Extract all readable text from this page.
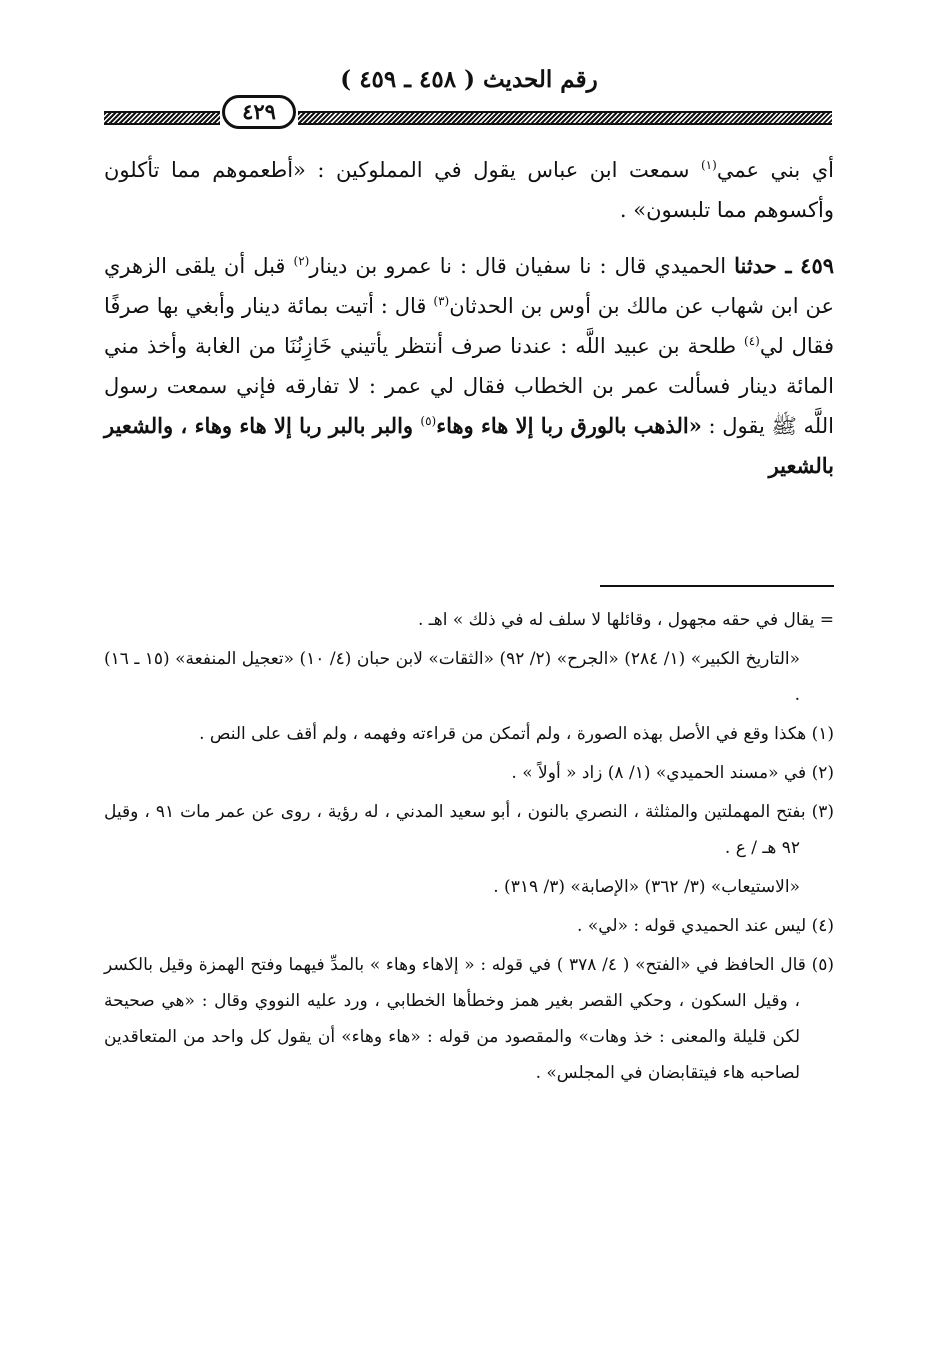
رقم الحديث ( ٤٥٨ ـ ٤٥٩ )
٤٢٩

أي بني عمي$^{(١)}$ سمعت ابن عباس يقول في المملوكين : «أطعموهم مما تأكلون وأكسوهم مما تلبسون» .

٤٥٩ ـ حدثنا الحميدي قال : نا سفيان قال : نا عمرو بن دينار$^{(٢)}$ قبل أن يلقى الزهري عن ابن شهاب عن مالك بن أوس بن الحدثان$^{(٣)}$ قال : أتيت بمائة دينار وأبغي بها صرفًا فقال لي$^{(٤)}$ طلحة بن عبيد اللَّه : عندنا صرف أنتظر يأتيني خَازِنُنَا من الغابة وأخذ مني المائة دينار فسألت عمر بن الخطاب فقال لي عمر : لا تفارقه فإني سمعت رسول اللَّه ﷺ يقول : «الذهب بالورق ربا إلا هاء وهاء$^{(٥)}$ والبر بالبر ربا إلا هاء وهاء ، والشعير بالشعير

= يقال في حقه مجهول ، وقائلها لا سلف له في ذلك » اهـ .
«التاريخ الكبير» (١/ ٢٨٤) «الجرح» (٢/ ٩٢) «الثقات» لابن حبان (٤/ ١٠) «تعجيل المنفعة» (١٥ ـ ١٦) .
(١) هكذا وقع في الأصل بهذه الصورة ، ولم أتمكن من قراءته وفهمه ، ولم أقف على النص .
(٢) في «مسند الحميدي» (١/ ٨) زاد « أولاً » .
(٣) بفتح المهملتين والمثلثة ، النصري بالنون ، أبو سعيد المدني ، له رؤية ، روى عن عمر مات ٩١ ، وقيل ٩٢ هـ / ع .
«الاستيعاب» (٣/ ٣٦٢) «الإصابة» (٣/ ٣١٩) .
(٤) ليس عند الحميدي قوله : «لي» .
(٥) قال الحافظ في «الفتح» ( ٤/ ٣٧٨ ) في قوله : « إلاهاء وهاء » بالمدِّ فيهما وفتح الهمزة وقيل بالكسر ، وقيل السكون ، وحكي القصر بغير همز وخطأها الخطابي ، ورد عليه النووي وقال : «هي صحيحة لكن قليلة والمعنى : خذ وهات» والمقصود من قوله : «هاء وهاء» أن يقول كل واحد من المتعاقدين لصاحبه هاء فيتقابضان في المجلس» .
